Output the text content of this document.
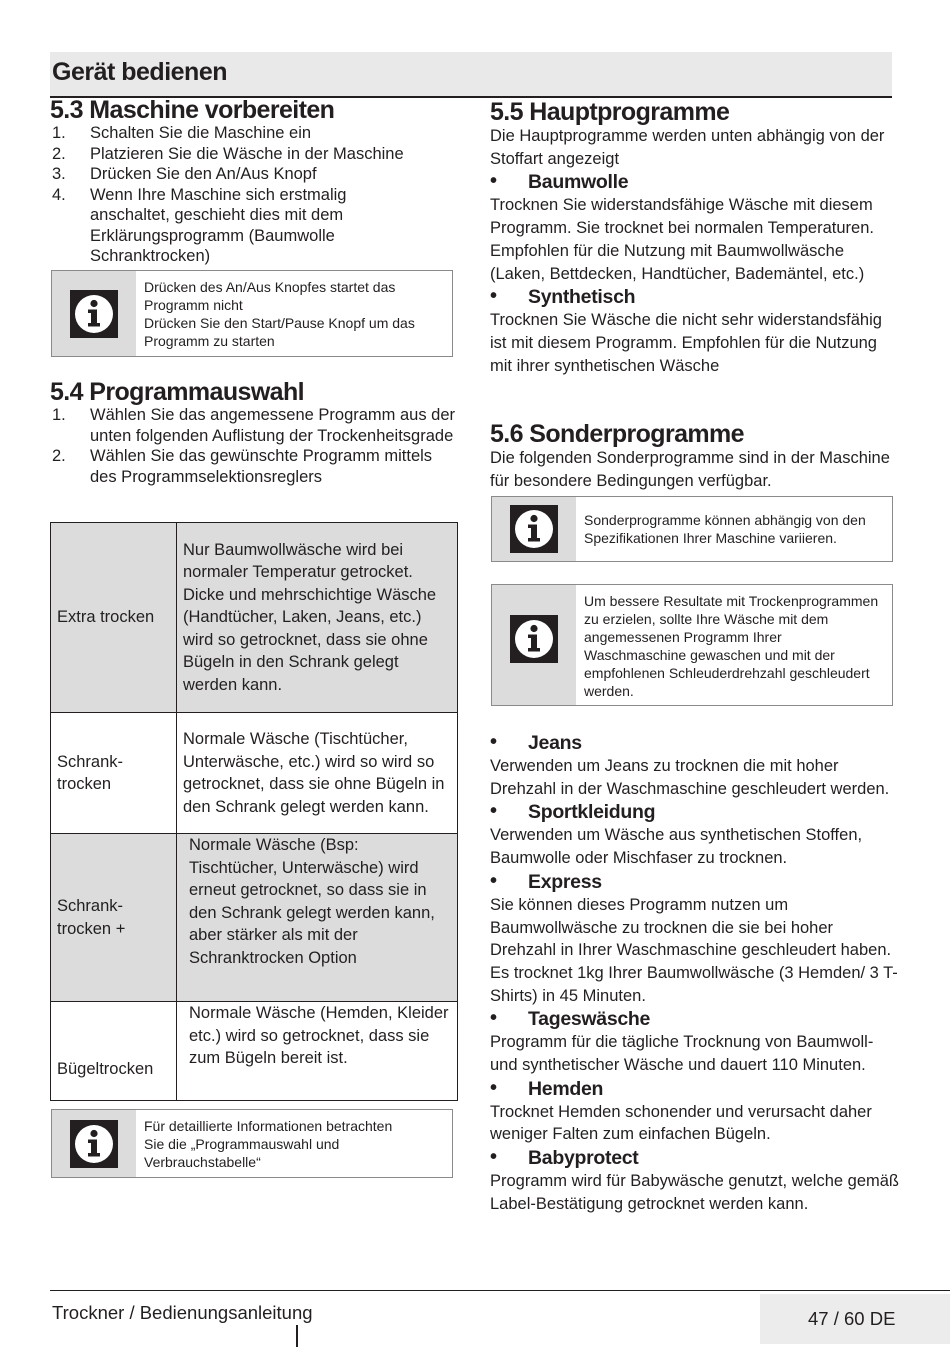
Gerät bedienen
5.3 Maschine vorbereiten
1. Schalten Sie die Maschine ein
2. Platzieren Sie die Wäsche in der Maschine
3. Drücken Sie den An/Aus Knopf
4. Wenn Ihre Maschine sich erstmalig anschaltet, geschieht dies mit dem Erklärungsprogramm (Baumwolle Schranktrocken)
Drücken des An/Aus Knopfes startet das Programm nicht
Drücken Sie den Start/Pause Knopf um das Programm zu starten
5.4 Programmauswahl
1. Wählen Sie das angemessene Programm aus der unten folgenden Auflistung der Trockenheitsgrade
2. Wählen Sie das gewünschte Programm mittels des Programmselektionsreglers
Extra trocken	Nur Baumwollwäsche wird bei normaler Temperatur getrocket. Dicke und mehrschichtige Wäsche (Handtücher, Laken, Jeans, etc.) wird so getrocknet, dass sie ohne Bügeln in den Schrank gelegt werden kann.
Schrank-trocken	Normale Wäsche (Tischtücher, Unterwäsche, etc.) wird so wird so getrocknet, dass sie ohne Bügeln in den Schrank gelegt werden kann.
Schrank-trocken +	Normale Wäsche (Bsp: Tischtücher, Unterwäsche) wird erneut getrocknet, so dass sie in den Schrank gelegt werden kann, aber stärker als mit der Schranktrocken Option
Bügeltrocken	Normale Wäsche (Hemden, Kleider etc.) wird so getrocknet, dass sie zum Bügeln bereit ist.
Für detaillierte Informationen betrachten Sie die „Programmauswahl und Verbrauchstabelle“
5.5 Hauptprogramme

Die Hauptprogramme werden unten abhängig von der Stoffart angezeigt

• Baumwolle

Trocknen Sie widerstandsfähige Wäsche mit diesem Programm. Sie trocknet bei normalen Temperaturen. Empfohlen für die Nutzung mit Baumwollwäsche (Laken, Bettdecken, Handtücher, Bademäntel, etc.)

• Synthetisch

Trocknen Sie Wäsche die nicht sehr widerstandsfähig ist mit diesem Programm. Empfohlen für die Nutzung mit ihrer synthetischen Wäsche

5.6 Sonderprogramme

Die folgenden Sonderprogramme sind in der Maschine für besondere Bedingungen verfügbar.

Sonderprogramme können abhängig von den Spezifikationen Ihrer Maschine variieren.
Um bessere Resultate mit Trockenprogrammen zu erzielen, sollte Ihre Wäsche mit dem angemessenen Programm Ihrer Waschmaschine gewaschen und mit der empfohlenen Schleuderdrehzahl geschleudert werden.
• Jeans

Verwenden um Jeans zu trocknen die mit hoher Drehzahl in der Waschmaschine geschleudert werden.

• Sportkleidung

Verwenden um Wäsche aus synthetischen Stoffen, Baumwolle oder Mischfaser zu trocknen.

• Express

Sie können dieses Programm nutzen um Baumwollwäsche zu trocknen die sie bei hoher Drehzahl in Ihrer Waschmaschine geschleudert haben. Es trocknet 1kg Ihrer Baumwollwäsche (3 Hemden/ 3 T-Shirts) in 45 Minuten.

• Tageswäsche

Programm für die tägliche Trocknung von Baumwoll- und synthetischer Wäsche und dauert 110 Minuten.

• Hemden

Trocknet Hemden schonender und verursacht daher weniger Falten zum einfachen Bügeln.

• Babyprotect

Programm wird für Babywäsche genutzt, welche gemäß Label-Bestätigung getrocknet werden kann.

Trockner / Bedienungsanleitung	47 / 60 DE
